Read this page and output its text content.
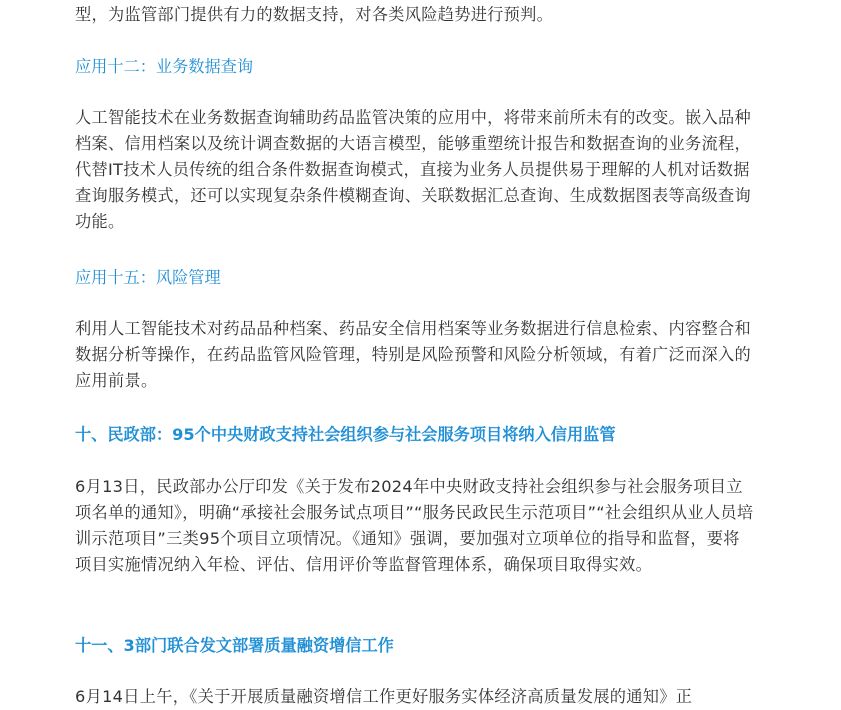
型，为监管部门提供有力的数据支持，对各类风险趋势进行预判。

应用十二：业务数据查询

人工智能技术在业务数据查询辅助药品监管决策的应用中，将带来前所未有的改变。嵌入品种档案、信用档案以及统计调查数据的大语言模型，能够重塑统计报告和数据查询的业务流程，代替IT技术人员传统的组合条件数据查询模式，直接为业务人员提供易于理解的人机对话数据查询服务模式，还可以实现复杂条件模糊查询、关联数据汇总查询、生成数据图表等高级查询功能。

应用十五：风险管理

利用人工智能技术对药品品种档案、药品安全信用档案等业务数据进行信息检索、内容整合和数据分析等操作，在药品监管风险管理，特别是风险预警和风险分析领域，有着广泛而深入的应用前景。

十、民政部：95个中央财政支持社会组织参与社会服务项目将纳入信用监管

6月13日，民政部办公厅印发《关于发布2024年中央财政支持社会组织参与社会服务项目立项名单的通知》，明确“承接社会服务试点项目”“服务民政民生示范项目”“社会组织从业人员培训示范项目”三类95个项目立项情况。《通知》强调，要加强对立项单位的指导和监督，要将项目实施情况纳入年检、评估、信用评价等监督管理体系，确保项目取得实效。

十一、3部门联合发文部署质量融资增信工作

6月14日上午，《关于开展质量融资增信工作更好服务实体经济高质量发展的通知》正
